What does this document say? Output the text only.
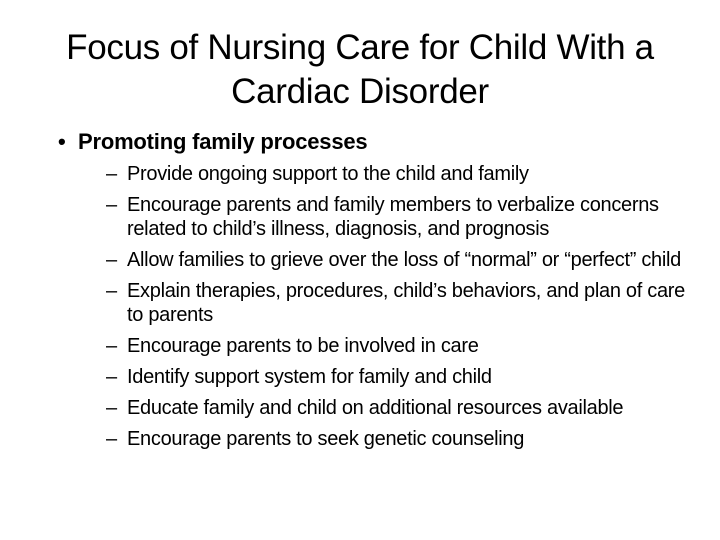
Focus of Nursing Care for Child With a Cardiac Disorder
• Promoting family processes
– Provide ongoing support to the child and family
– Encourage parents and family members to verbalize concerns related to child’s illness, diagnosis, and prognosis
– Allow families to grieve over the loss of “normal” or “perfect” child
– Explain therapies, procedures, child’s behaviors, and plan of care to parents
– Encourage parents to be involved in care
– Identify support system for family and child
– Educate family and child on additional resources available
– Encourage parents to seek genetic counseling
